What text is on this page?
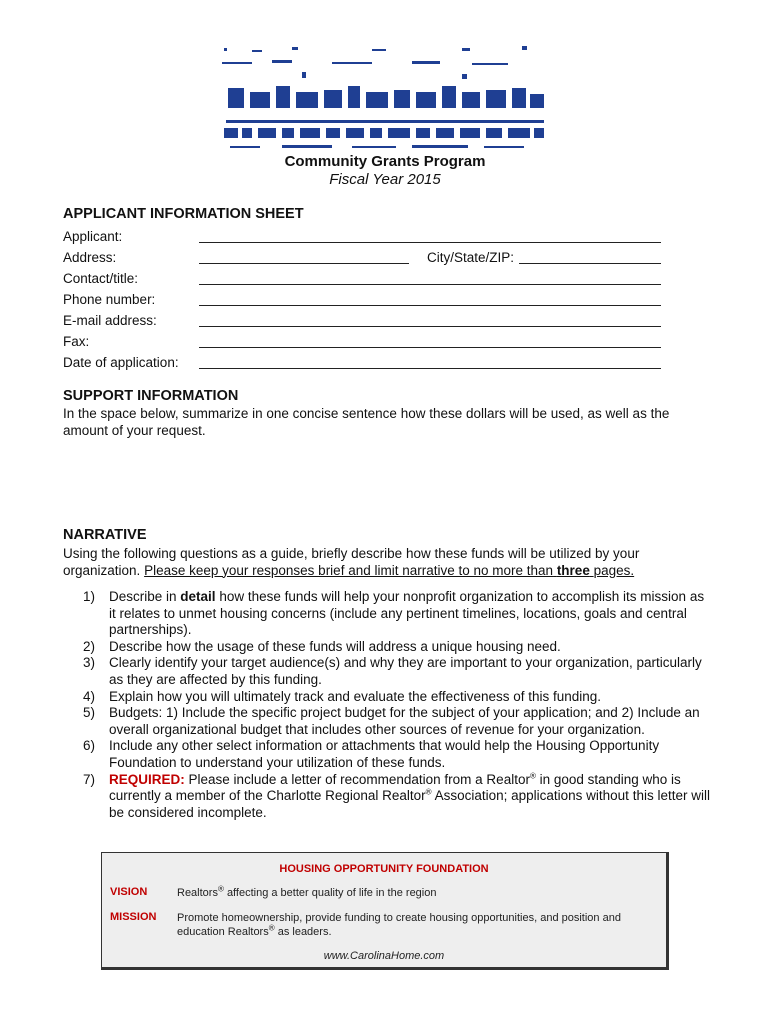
Community Grants Program
Fiscal Year 2015
APPLICANT INFORMATION SHEET
Applicant:
Address:	City/State/ZIP:
Contact/title:
Phone number:
E-mail address:
Fax:
Date of application:
SUPPORT INFORMATION

In the space below, summarize in one concise sentence how these dollars will be used, as well as the amount of your request.

NARRATIVE

Using the following questions as a guide, briefly describe how these funds will be utilized by your organization. Please keep your responses brief and limit narrative to no more than three pages.

1) Describe in detail how these funds will help your nonprofit organization to accomplish its mission as it relates to unmet housing concerns (include any pertinent timelines, locations, goals and central partnerships).
2) Describe how the usage of these funds will address a unique housing need.
3) Clearly identify your target audience(s) and why they are important to your organization, particularly as they are affected by this funding.
4) Explain how you will ultimately track and evaluate the effectiveness of this funding.
5) Budgets: 1) Include the specific project budget for the subject of your application; and 2) Include an overall organizational budget that includes other sources of revenue for your organization.
6) Include any other select information or attachments that would help the Housing Opportunity Foundation to understand your utilization of these funds.
7) REQUIRED: Please include a letter of recommendation from a Realtor® in good standing who is currently a member of the Charlotte Regional Realtor® Association; applications without this letter will be considered incomplete.
HOUSING OPPORTUNITY FOUNDATION
VISION	Realtors® affecting a better quality of life in the region
MISSION Promote homeownership, provide funding to create housing opportunities, and position and education Realtors® as leaders.
www.CarolinaHome.com
